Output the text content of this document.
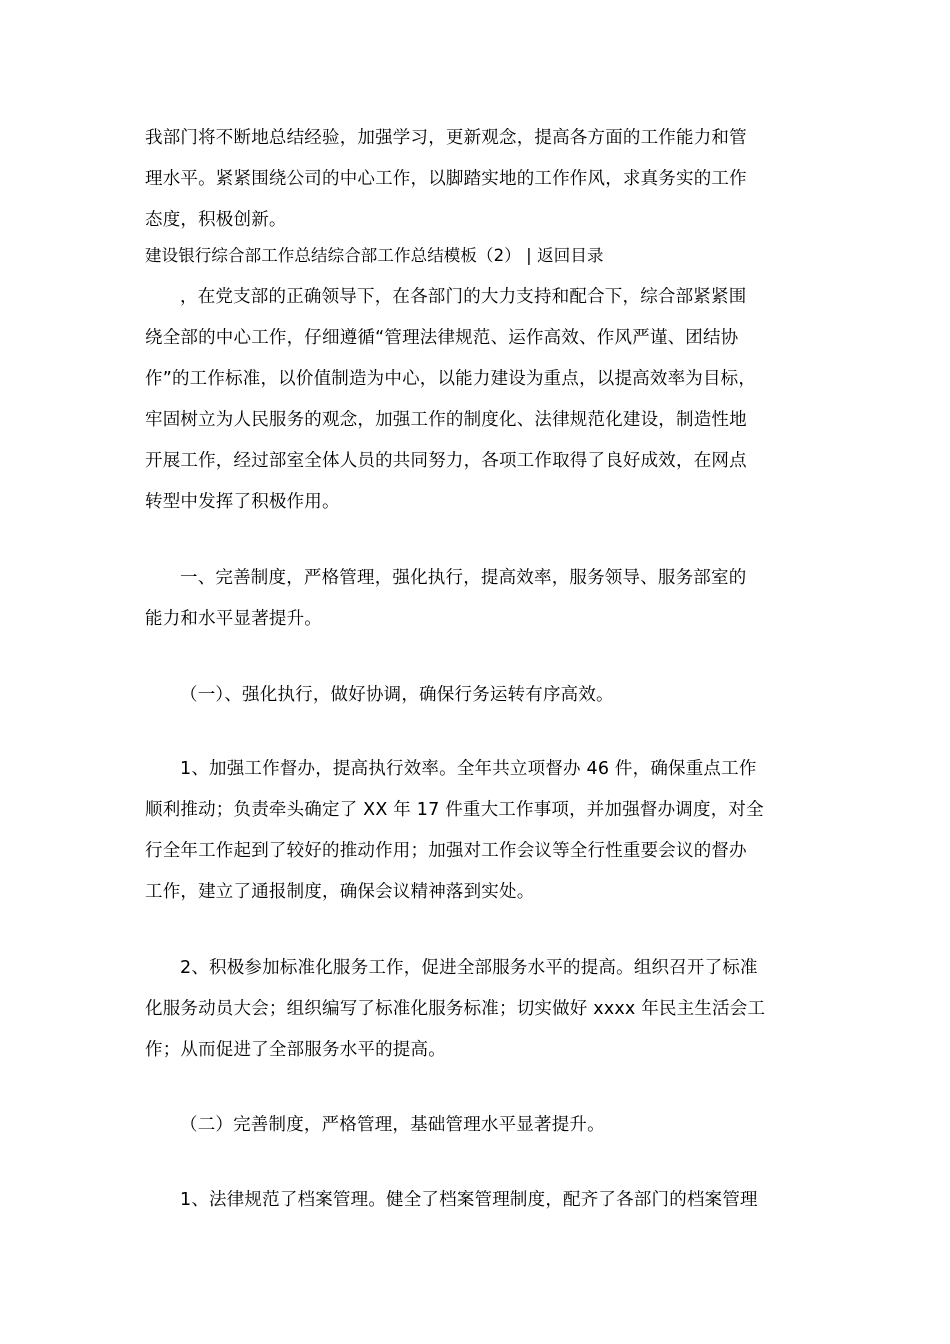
我部门将不断地总结经验，加强学习，更新观念，提高各方面的工作能力和管
理水平。紧紧围绕公司的中心工作，以脚踏实地的工作作风，求真务实的工作
态度，积极创新。
建设银行综合部工作总结综合部工作总结模板（2） | 返回目录
，在党支部的正确领导下，在各部门的大力支持和配合下，综合部紧紧围
绕全部的中心工作，仔细遵循“管理法律规范、运作高效、作风严谨、团结协
作”的工作标准，以价值制造为中心，以能力建设为重点，以提高效率为目标，
牢固树立为人民服务的观念，加强工作的制度化、法律规范化建设，制造性地
开展工作，经过部室全体人员的共同努力，各项工作取得了良好成效，在网点
转型中发挥了积极作用。
一、完善制度，严格管理，强化执行，提高效率，服务领导、服务部室的
能力和水平显著提升。
（一）、强化执行，做好协调，确保行务运转有序高效。
1、加强工作督办，提高执行效率。全年共立项督办 46 件，确保重点工作
顺利推动；负责牵头确定了 XX 年 17 件重大工作事项，并加强督办调度，对全
行全年工作起到了较好的推动作用；加强对工作会议等全行性重要会议的督办
工作，建立了通报制度，确保会议精神落到实处。
2、积极参加标准化服务工作，促进全部服务水平的提高。组织召开了标准
化服务动员大会；组织编写了标准化服务标准；切实做好 xxxx 年民主生活会工
作；从而促进了全部服务水平的提高。
（二）完善制度，严格管理，基础管理水平显著提升。
1、法律规范了档案管理。健全了档案管理制度，配齐了各部门的档案管理
